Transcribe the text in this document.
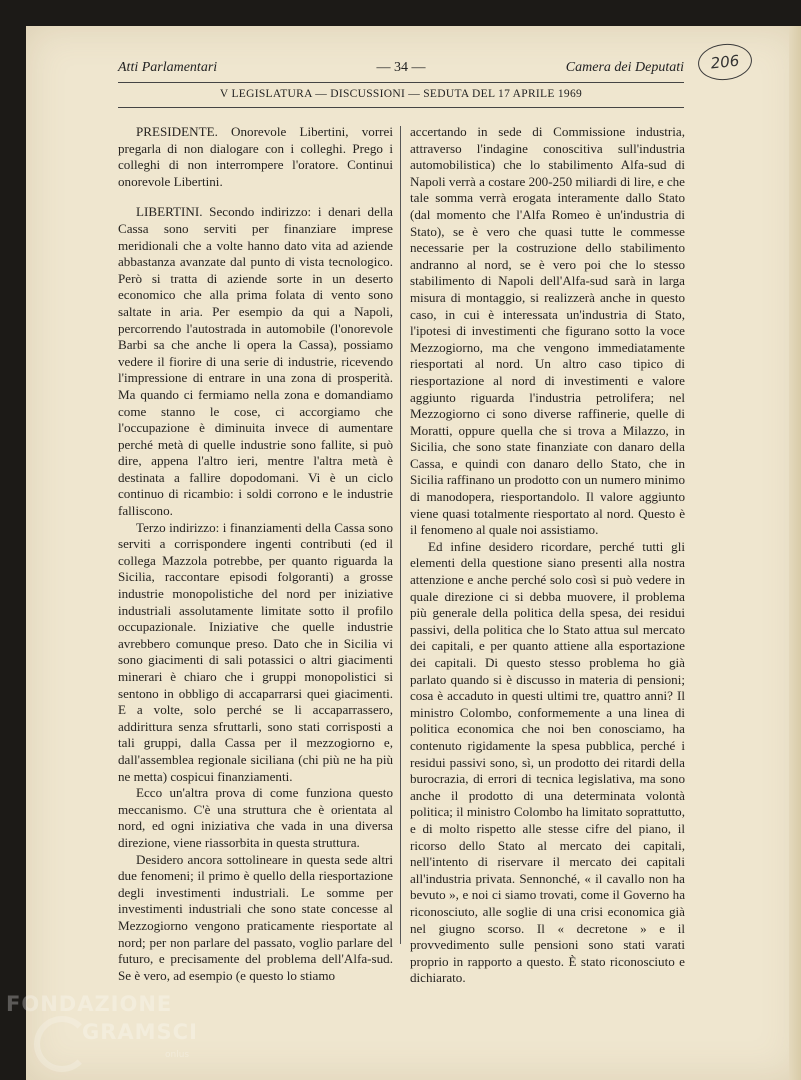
206
Atti Parlamentari	— 34 —	Camera dei Deputati
V LEGISLATURA — DISCUSSIONI — SEDUTA DEL 17 APRILE 1969

PRESIDENTE. Onorevole Libertini, vorrei pregarla di non dialogare con i colleghi. Prego i colleghi di non interrompere l'oratore. Continui onorevole Libertini.

LIBERTINI. Secondo indirizzo: i denari della Cassa sono serviti per finanziare imprese meridionali che a volte hanno dato vita ad aziende abbastanza avanzate dal punto di vista tecnologico. Però si tratta di aziende sorte in un deserto economico che alla prima folata di vento sono saltate in aria. Per esempio da qui a Napoli, percorrendo l'autostrada in automobile (l'onorevole Barbi sa che anche li opera la Cassa), possiamo vedere il fiorire di una serie di industrie, ricevendo l'impressione di entrare in una zona di prosperità. Ma quando ci fermiamo nella zona e domandiamo come stanno le cose, ci accorgiamo che l'occupazione è diminuita invece di aumentare perché metà di quelle industrie sono fallite, si può dire, appena l'altro ieri, mentre l'altra metà è destinata a fallire dopodomani. Vi è un ciclo continuo di ricambio: i soldi corrono e le industrie falliscono.

Terzo indirizzo: i finanziamenti della Cassa sono serviti a corrispondere ingenti contributi (ed il collega Mazzola potrebbe, per quanto riguarda la Sicilia, raccontare episodi folgoranti) a grosse industrie monopolistiche del nord per iniziative industriali assolutamente limitate sotto il profilo occupazionale. Iniziative che quelle industrie avrebbero comunque preso. Dato che in Sicilia vi sono giacimenti di sali potassici o altri giacimenti minerari è chiaro che i gruppi monopolistici si sentono in obbligo di accaparrarsi quei giacimenti. E a volte, solo perché se li accaparrassero, addirittura senza sfruttarli, sono stati corrisposti a tali gruppi, dalla Cassa per il mezzogiorno e, dall'assemblea regionale siciliana (chi più ne ha più ne metta) cospicui finanziamenti.

Ecco un'altra prova di come funziona questo meccanismo. C'è una struttura che è orientata al nord, ed ogni iniziativa che vada in una diversa direzione, viene riassorbita in questa struttura.

Desidero ancora sottolineare in questa sede altri due fenomeni; il primo è quello della riesportazione degli investimenti industriali. Le somme per investimenti industriali che sono state concesse al Mezzogiorno vengono praticamente riesportate al nord; per non parlare del passato, voglio parlare del futuro, e precisamente del problema dell'Alfa-sud. Se è vero, ad esempio (e questo lo stiamo

accertando in sede di Commissione industria, attraverso l'indagine conoscitiva sull'industria automobilistica) che lo stabilimento Alfa-sud di Napoli verrà a costare 200-250 miliardi di lire, e che tale somma verrà erogata interamente dallo Stato (dal momento che l'Alfa Romeo è un'industria di Stato), se è vero che quasi tutte le commesse necessarie per la costruzione dello stabilimento andranno al nord, se è vero poi che lo stesso stabilimento di Napoli dell'Alfa-sud sarà in larga misura di montaggio, si realizzerà anche in questo caso, in cui è interessata un'industria di Stato, l'ipotesi di investimenti che figurano sotto la voce Mezzogiorno, ma che vengono immediatamente riesportati al nord. Un altro caso tipico di riesportazione al nord di investimenti e valore aggiunto riguarda l'industria petrolifera; nel Mezzogiorno ci sono diverse raffinerie, quelle di Moratti, oppure quella che si trova a Milazzo, in Sicilia, che sono state finanziate con danaro della Cassa, e quindi con danaro dello Stato, che in Sicilia raffinano un prodotto con un numero minimo di manodopera, riesportandolo. Il valore aggiunto viene quasi totalmente riesportato al nord. Questo è il fenomeno al quale noi assistiamo.

Ed infine desidero ricordare, perché tutti gli elementi della questione siano presenti alla nostra attenzione e anche perché solo così si può vedere in quale direzione ci si debba muovere, il problema più generale della politica della spesa, dei residui passivi, della politica che lo Stato attua sul mercato dei capitali, e per quanto attiene alla esportazione dei capitali. Di questo stesso problema ho già parlato quando si è discusso in materia di pensioni; cosa è accaduto in questi ultimi tre, quattro anni? Il ministro Colombo, conformemente a una linea di politica economica che noi ben conosciamo, ha contenuto rigidamente la spesa pubblica, perché i residui passivi sono, sì, un prodotto dei ritardi della burocrazia, di errori di tecnica legislativa, ma sono anche il prodotto di una determinata volontà politica; il ministro Colombo ha limitato soprattutto, e di molto rispetto alle stesse cifre del piano, il ricorso dello Stato al mercato dei capitali, nell'intento di riservare il mercato dei capitali all'industria privata. Sennonché, « il cavallo non ha bevuto », e noi ci siamo trovati, come il Governo ha riconosciuto, alle soglie di una crisi economica già nel giugno scorso. Il « decretone » e il provvedimento sulle pensioni sono stati varati proprio in rapporto a questo. È stato riconosciuto e dichiarato.

FONDAZIONE
GRAMSCI
onlus
